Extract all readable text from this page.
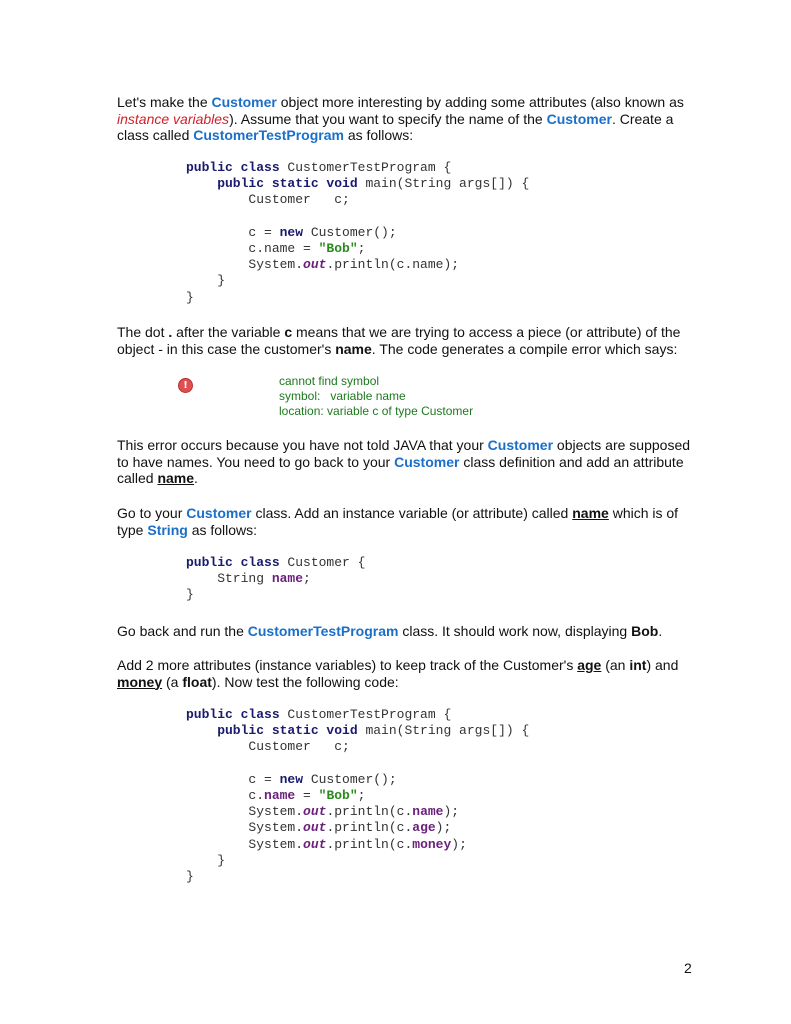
Let's make the Customer object more interesting by adding some attributes (also known as instance variables). Assume that you want to specify the name of the Customer. Create a class called CustomerTestProgram as follows:

public class CustomerTestProgram {
public static void main(String args[]) {
Customer   c;

c = new Customer();
c.name = "Bob";
System.out.println(c.name);
}
}

The dot . after the variable c means that we are trying to access a piece (or attribute) of the object - in this case the customer's name. The code generates a compile error which says:

!	cannot find symbol
symbol:   variable name
location: variable c of type Customer

This error occurs because you have not told JAVA that your Customer objects are supposed to have names. You need to go back to your Customer class definition and add an attribute called name.

Go to your Customer class. Add an instance variable (or attribute) called name which is of type String as follows:

public class Customer {
String name;
}

Go back and run the CustomerTestProgram class. It should work now, displaying Bob.

Add 2 more attributes (instance variables) to keep track of the Customer's age (an int) and money (a float). Now test the following code:

public class CustomerTestProgram {
public static void main(String args[]) {
Customer   c;

c = new Customer();
c.name = "Bob";
System.out.println(c.name);
System.out.println(c.age);
System.out.println(c.money);
}
}
2
